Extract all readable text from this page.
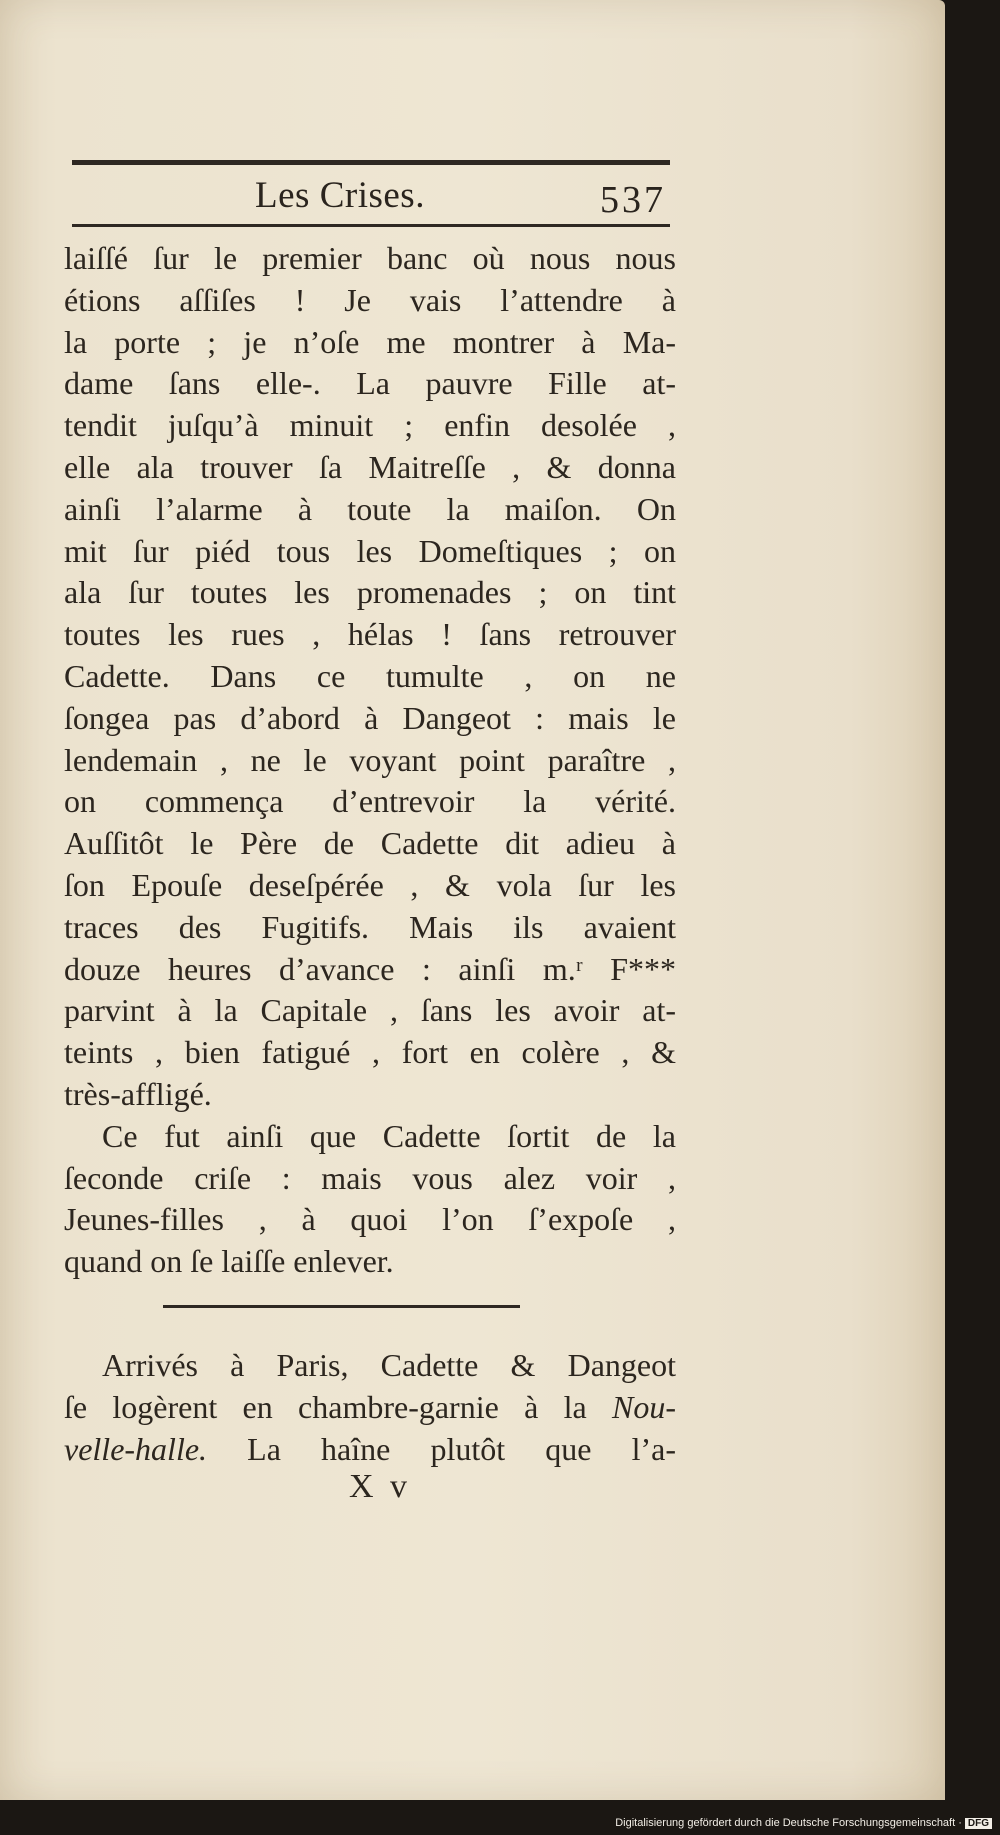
Les Crises.	537
laiſſé ſur le premier banc où nous nous
étions aſſiſes ! Je vais l’attendre à
la porte ; je n’oſe me montrer à Ma-
dame ſans elle-. La pauvre Fille at-
tendit juſqu’à minuit ; enfin desolée ,
elle ala trouver ſa Maitreſſe , & donna
ainſi l’alarme à toute la maiſon. On
mit ſur piéd tous les Domeſtiques ; on
ala ſur toutes les promenades ; on tint
toutes les rues , hélas ! ſans retrouver
Cadette. Dans ce tumulte , on ne
ſongea pas d’abord à Dangeot : mais le
lendemain , ne le voyant point paraître ,
on commença d’entrevoir la vérité.
Auſſitôt le Père de Cadette dit adieu à
ſon Epouſe deseſpérée , & vola ſur les
traces des Fugitifs. Mais ils avaient
douze heures d’avance : ainſi m.ʳ F***
parvint à la Capitale , ſans les avoir at-
teints , bien fatigué , fort en colère , &
très-affligé.
Ce fut ainſi que Cadette ſortit de la
ſeconde criſe : mais vous alez voir ,
Jeunes-filles , à quoi l’on ſ’expoſe ,
quand on ſe laiſſe enlever.
Arrivés à Paris, Cadette & Dangeot
ſe logèrent en chambre-garnie à la Nou-
velle-halle. La haîne plutôt que l’a-
X v
Digitalisierung gefördert durch die Deutsche Forschungsgemeinschaft · DFG
